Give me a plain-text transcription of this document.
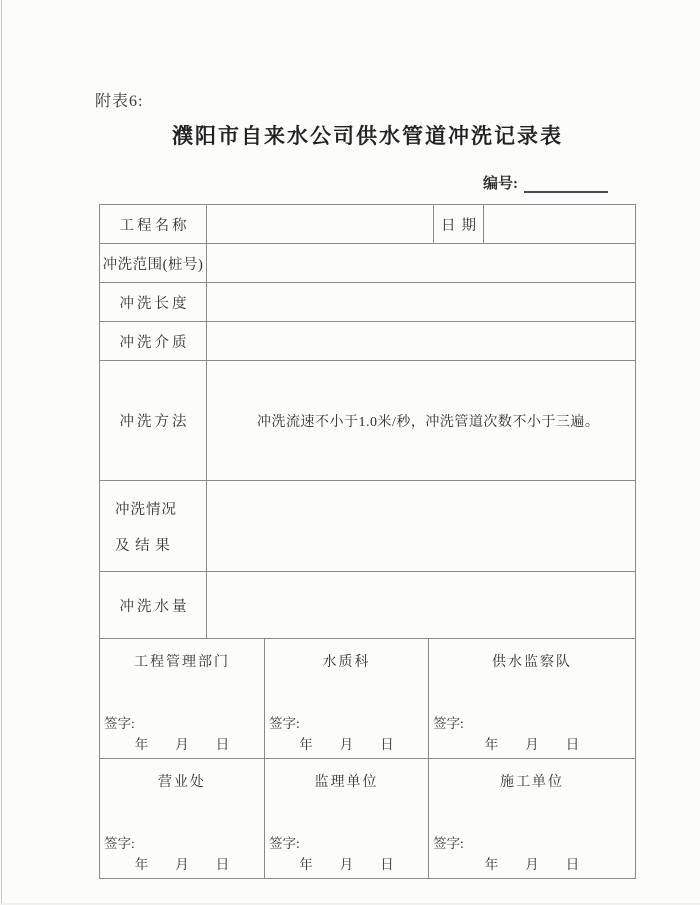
附表6:
濮阳市自来水公司供水管道冲洗记录表
编号:
工程名称	日期
冲洗范围(桩号)
冲洗长度
冲洗介质
冲洗方法	冲洗流速不小于1.0米/秒，冲洗管道次数不小于三遍。
冲洗情况
及 结 果
冲洗水量
工程管理部门
签字:
年　　月　　日
水质科
签字:
年　　月　　日
供水监察队
签字:
年　　月　　日
营业处
签字:
年　　月　　日
监理单位
签字:
年　　月　　日
施工单位
签字:
年　　月　　日
